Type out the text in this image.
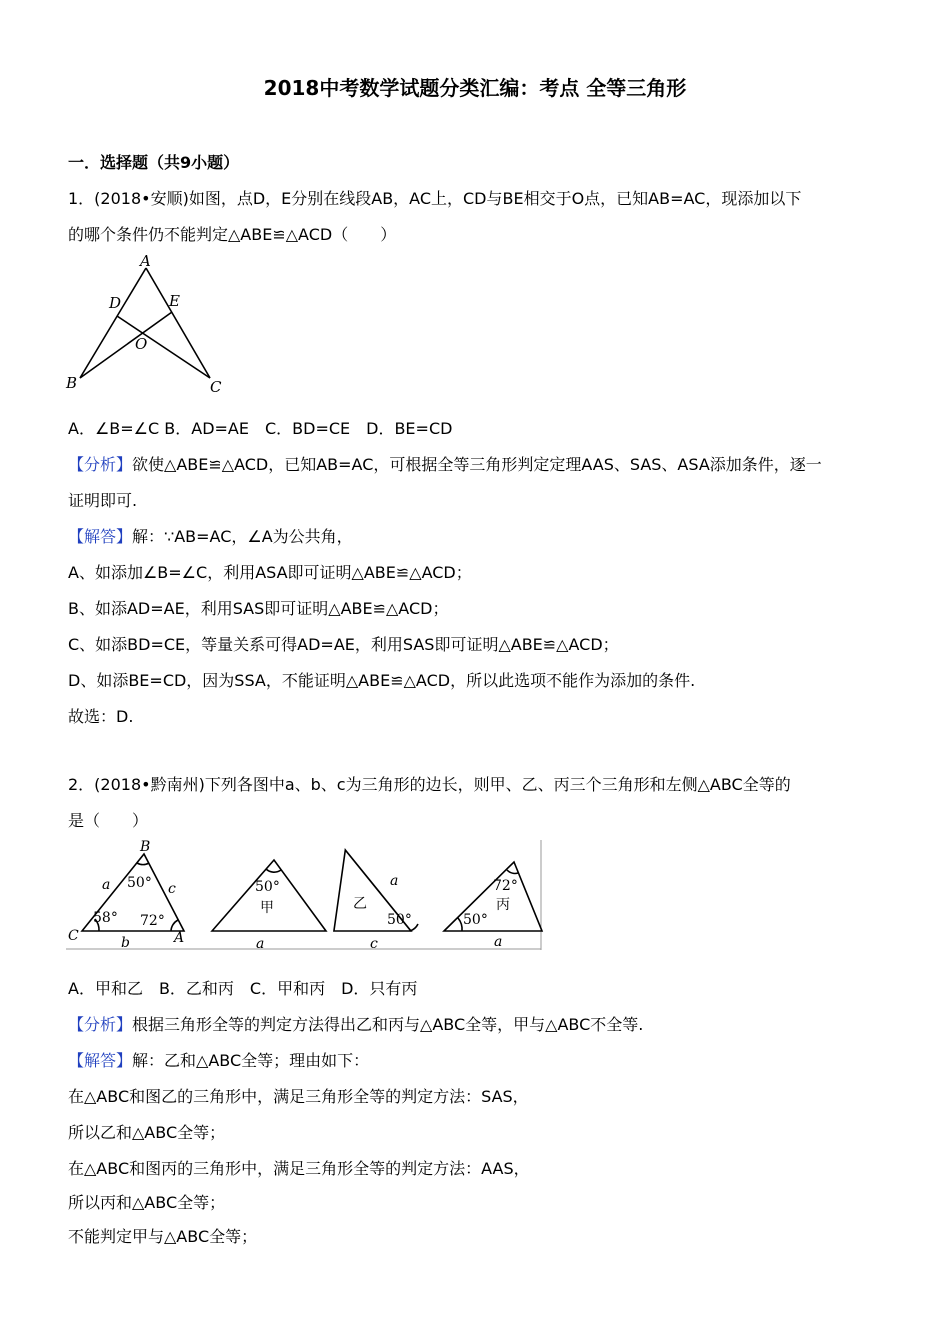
2018中考数学试题分类汇编：考点 全等三角形
一．选择题（共9小题）
1．(2018•安顺)如图，点D，E分别在线段AB，AC上，CD与BE相交于O点，已知AB=AC，现添加以下
的哪个条件仍不能判定△ABE≌△ACD（　　）
A
D	E
O
B	C
A．∠B=∠C B．AD=AE　C．BD=CE　D．BE=CD
【分析】欲使△ABE≌△ACD，已知AB=AC，可根据全等三角形判定定理AAS、SAS、ASA添加条件，逐一
证明即可.
【解答】解：∵AB=AC，∠A为公共角，
A、如添加∠B=∠C，利用ASA即可证明△ABE≌△ACD；
B、如添AD=AE，利用SAS即可证明△ABE≌△ACD；
C、如添BD=CE，等量关系可得AD=AE，利用SAS即可证明△ABE≌△ACD；
D、如添BE=CD，因为SSA，不能证明△ABE≌△ACD，所以此选项不能作为添加的条件.
故选：D.
2．(2018•黔南州)下列各图中a、b、c为三角形的边长，则甲、乙、丙三个三角形和左侧△ABC全等的
是（　　）
B
C	A
a	c
b
50°
58° 72°
50°
甲
a
乙
a
50°
c
72°
丙
50°
a
A．甲和乙　B．乙和丙　C．甲和丙　D．只有丙
【分析】根据三角形全等的判定方法得出乙和丙与△ABC全等，甲与△ABC不全等.
【解答】解：乙和△ABC全等；理由如下：
在△ABC和图乙的三角形中，满足三角形全等的判定方法：SAS，
所以乙和△ABC全等；
在△ABC和图丙的三角形中，满足三角形全等的判定方法：AAS，
所以丙和△ABC全等；
不能判定甲与△ABC全等；
